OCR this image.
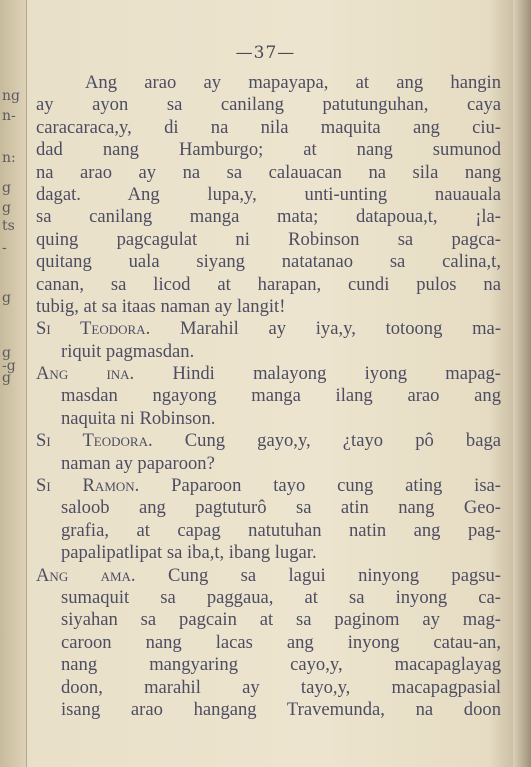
ng
n-
n:
g
g
ts
-
g
g
-g
g
—37—
Ang arao ay mapayapa, at ang hangin
ay ayon sa canilang patutunguhan, caya
caracaraca,y, di na nila maquita ang ciu-
dad nang Hamburgo; at nang sumunod
na arao ay na sa calauacan na sila nang
dagat. Ang lupa,y, unti-unting nauauala
sa canilang manga mata; datapoua,t, ¡la-
quing pagcagulat ni Robinson sa pagca-
quitang uala siyang natatanao sa calina,t,
canan, sa licod at harapan, cundi pulos na
tubig, at sa itaas naman ay langit!
Si Teodora. Marahil ay iya,y, totoong ma-
riquit pagmasdan.
Ang ina. Hindi malayong iyong mapag-
masdan ngayong manga ilang arao ang
naquita ni Robinson.
Si Teodora. Cung gayo,y, ¿tayo pô baga
naman ay paparoon?
Si Ramon. Paparoon tayo cung ating isa-
saloob ang pagtuturô sa atin nang Geo-
grafia, at capag natutuhan natin ang pag-
papalipatlipat sa iba,t, ibang lugar.
Ang ama. Cung sa lagui ninyong pagsu-
sumaquit sa paggaua, at sa inyong ca-
siyahan sa pagcain at sa paginom ay mag-
caroon nang lacas ang inyong catau-an,
nang mangyaring cayo,y, macapaglayag
doon, marahil ay tayo,y, macapagpasial
isang arao hangang Travemunda, na doon
